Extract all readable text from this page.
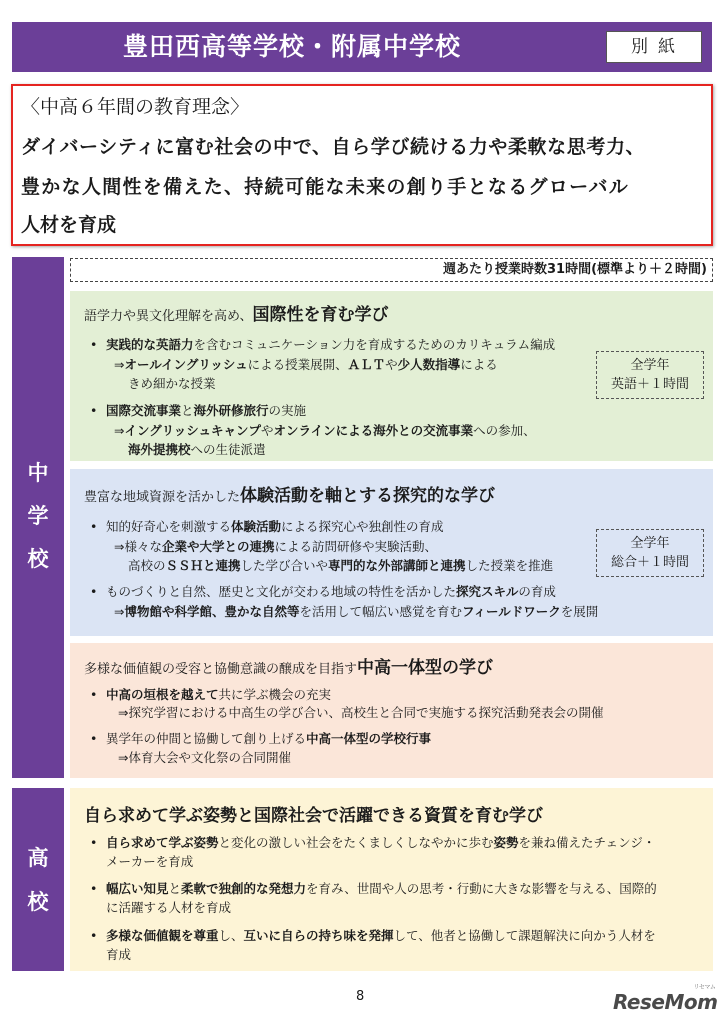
豊田西高等学校・附属中学校	別紙
〈中高６年間の教育理念〉
ダイバーシティに富む社会の中で、自ら学び続ける力や柔軟な思考力、
豊かな人間性を備えた、持続可能な未来の創り手となるグローバル
人材を育成
中
学
校
高
校
週あたり授業時数31時間(標準より＋２時間)
語学力や異文化理解を高め、国際性を育む学び
• 実践的な英語力を含むコミュニケーション力を育成するためのカリキュラム編成
⇒オールイングリッシュによる授業展開、ＡＬＴや少人数指導による
きめ細かな授業
• 国際交流事業と海外研修旅行の実施
⇒イングリッシュキャンプやオンラインによる海外との交流事業への参加、
海外提携校への生徒派遣
全学年
英語＋１時間
豊富な地域資源を活かした体験活動を軸とする探究的な学び
• 知的好奇心を刺激する体験活動による探究心や独創性の育成
⇒様々な企業や大学との連携による訪問研修や実験活動、
高校のＳＳＨと連携した学び合いや専門的な外部講師と連携した授業を推進
• ものづくりと自然、歴史と文化が交わる地域の特性を活かした探究スキルの育成
⇒博物館や科学館、豊かな自然等を活用して幅広い感覚を育むフィールドワークを展開
全学年
総合＋１時間
多様な価値観の受容と協働意識の醸成を目指す中高一体型の学び
• 中高の垣根を越えて共に学ぶ機会の充実
⇒探究学習における中高生の学び合い、高校生と合同で実施する探究活動発表会の開催
• 異学年の仲間と協働して創り上げる中高一体型の学校行事
⇒体育大会や文化祭の合同開催
自ら求めて学ぶ姿勢と国際社会で活躍できる資質を育む学び
• 自ら求めて学ぶ姿勢と変化の激しい社会をたくましくしなやかに歩む姿勢を兼ね備えたチェンジ・
メーカーを育成
• 幅広い知見と柔軟で独創的な発想力を育み、世間や人の思考・行動に大きな影響を与える、国際的
に活躍する人材を育成
• 多様な価値観を尊重し、互いに自らの持ち味を発揮して、他者と協働して課題解決に向かう人材を
育成
8	ReseMom
リセマム
